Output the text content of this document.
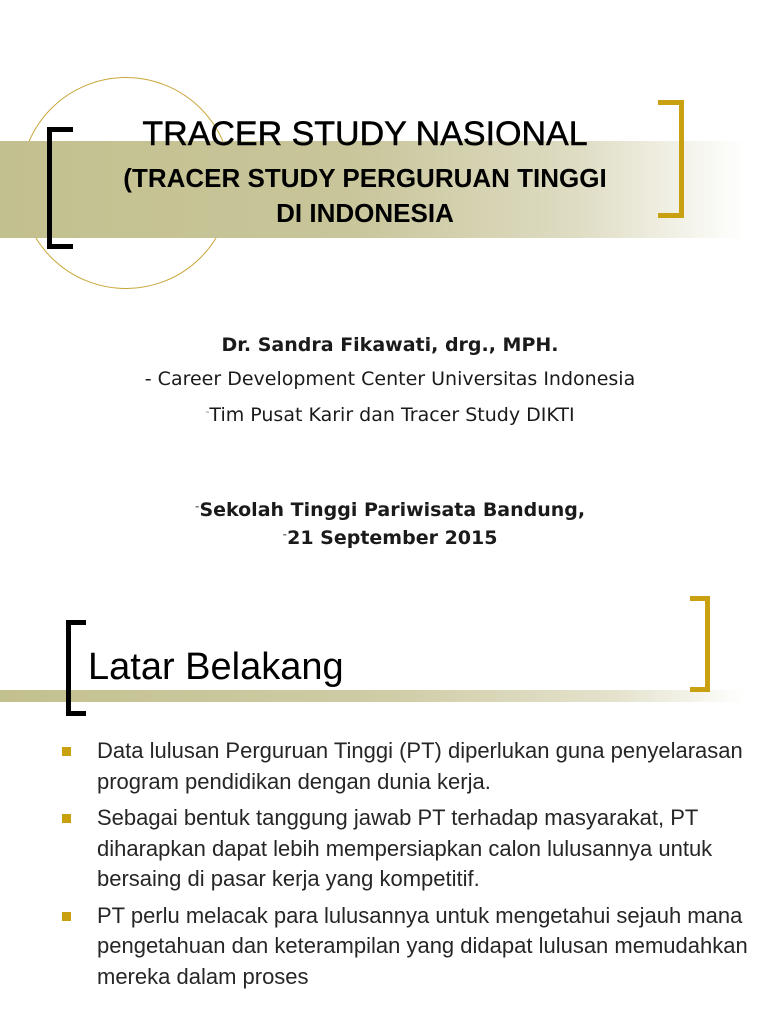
TRACER STUDY NASIONAL
(TRACER STUDY PERGURUAN TINGGI
DI INDONESIA
Dr. Sandra Fikawati, drg., MPH.
- Career Development Center Universitas Indonesia
-Tim Pusat Karir dan Tracer Study DIKTI
-Sekolah Tinggi Pariwisata Bandung,
-21 September 2015
Latar Belakang
Data lulusan Perguruan Tinggi (PT) diperlukan guna penyelarasan program pendidikan dengan dunia kerja.
Sebagai bentuk tanggung jawab PT terhadap masyarakat, PT diharapkan dapat lebih mempersiapkan calon lulusannya untuk bersaing di pasar kerja yang kompetitif.
PT perlu melacak para lulusannya untuk mengetahui sejauh mana pengetahuan dan keterampilan yang didapat lulusan memudahkan mereka dalam proses
